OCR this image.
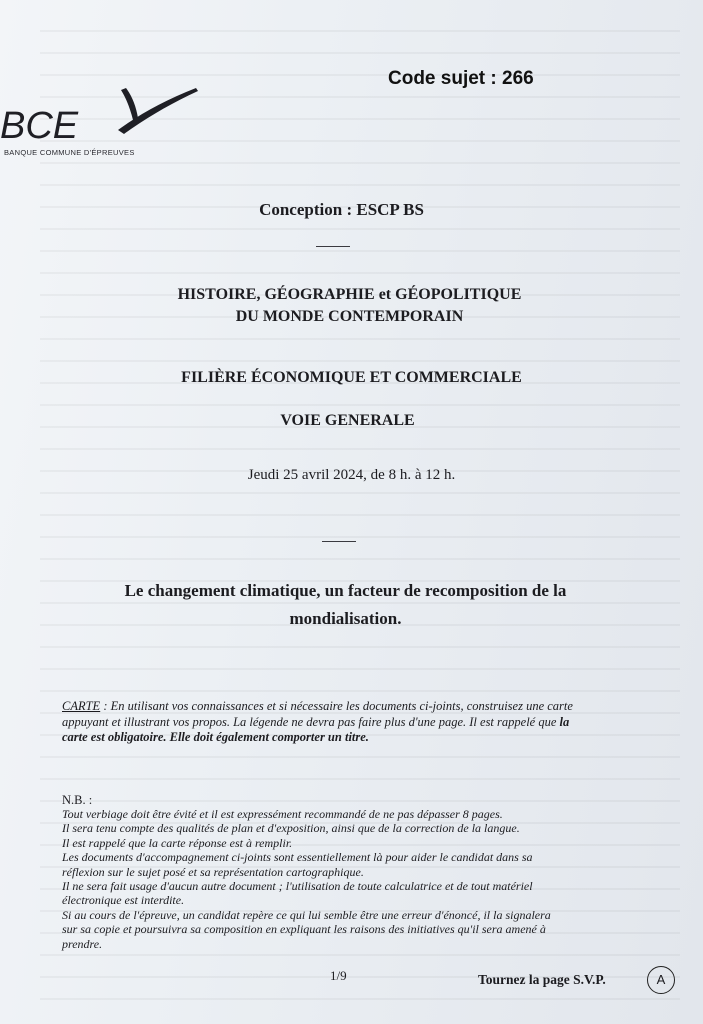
Code sujet : 266
BCE
BANQUE COMMUNE D'ÉPREUVES
Conception : ESCP BS
HISTOIRE, GÉOGRAPHIE et GÉOPOLITIQUE
DU MONDE CONTEMPORAIN
FILIÈRE ÉCONOMIQUE ET COMMERCIALE
VOIE GENERALE
Jeudi 25 avril 2024, de 8 h. à 12 h.
Le changement climatique, un facteur de recomposition de la
mondialisation.
CARTE : En utilisant vos connaissances et si nécessaire les documents ci-joints, construisez une carte
appuyant et illustrant vos propos. La légende ne devra pas faire plus d'une page. Il est rappelé que la
carte est obligatoire. Elle doit également comporter un titre.
N.B. :
Tout verbiage doit être évité et il est expressément recommandé de ne pas dépasser 8 pages.
Il sera tenu compte des qualités de plan et d'exposition, ainsi que de la correction de la langue.
Il est rappelé que la carte réponse est à remplir.
Les documents d'accompagnement ci-joints sont essentiellement là pour aider le candidat dans sa
réflexion sur le sujet posé et sa représentation cartographique.
Il ne sera fait usage d'aucun autre document ; l'utilisation de toute calculatrice et de tout matériel
électronique est interdite.
Si au cours de l'épreuve, un candidat repère ce qui lui semble être une erreur d'énoncé, il la signalera
sur sa copie et poursuivra sa composition en expliquant les raisons des initiatives qu'il sera amené à
prendre.
1/9	Tournez la page S.V.P.	A
